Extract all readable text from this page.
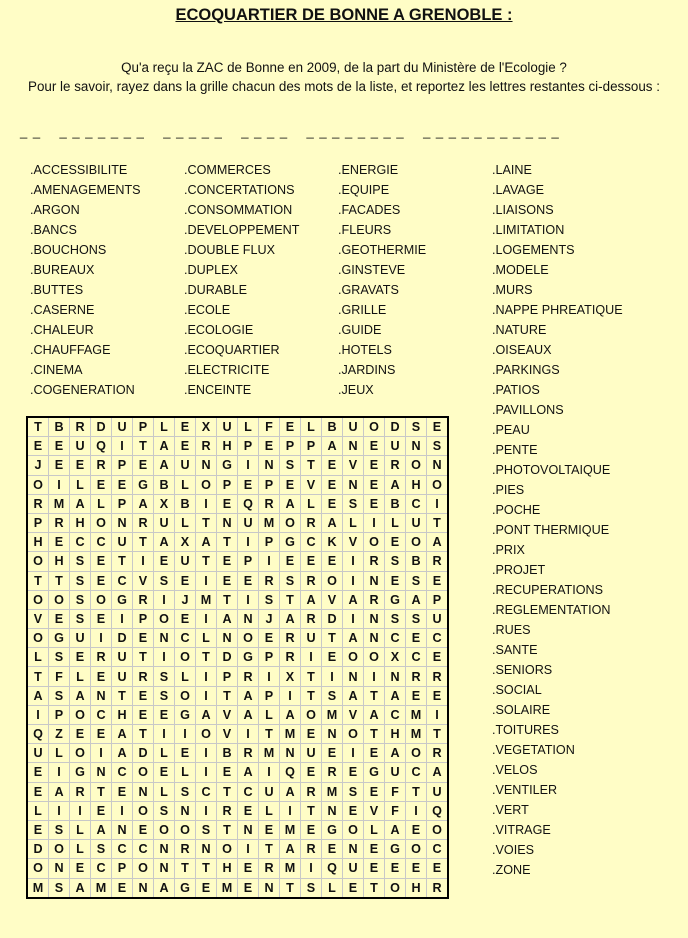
ECOQUARTIER DE BONNE A GRENOBLE :
Qu'a reçu la ZAC de Bonne en 2009, de la part du Ministère de l'Ecologie ?
Pour le savoir, rayez dans la grille chacun des mots de la liste, et reportez les lettres restantes ci-dessous :
_ _    _ _ _ _ _ _ _    _ _ _ _ _    _ _ _ _    _ _ _ _ _ _ _ _    _ _ _ _ _ _ _ _ _ _ _
.ACCESSIBILITE
.AMENAGEMENTS
.ARGON
.BANCS
.BOUCHONS
.BUREAUX
.BUTTES
.CASERNE
.CHALEUR
.CHAUFFAGE
.CINEMA
.COGENERATION
.COMMERCES
.CONCERTATIONS
.CONSOMMATION
.DEVELOPPEMENT
.DOUBLE FLUX
.DUPLEX
.DURABLE
.ECOLE
.ECOLOGIE
.ECOQUARTIER
.ELECTRICITE
.ENCEINTE
.ENERGIE
.EQUIPE
.FACADES
.FLEURS
.GEOTHERMIE
.GINSTEVE
.GRAVATS
.GRILLE
.GUIDE
.HOTELS
.JARDINS
.JEUX
.LAINE
.LAVAGE
.LIAISONS
.LIMITATION
.LOGEMENTS
.MODELE
.MURS
.NAPPE PHREATIQUE
.NATURE
.OISEAUX
.PARKINGS
.PATIOS
.PAVILLONS
.PEAU
.PENTE
.PHOTOVOLTAIQUE
.PIES
.POCHE
.PONT THERMIQUE
.PRIX
.PROJET
.RECUPERATIONS
.REGLEMENTATION
.RUES
.SANTE
.SENIORS
.SOCIAL
.SOLAIRE
.TOITURES
.VEGETATION
.VELOS
.VENTILER
.VERT
.VITRAGE
.VOIES
.ZONE
T	B	R	D	U	P	L	E	X	U	L	F	E	L	B	U	O	D	S	E
E	E	U	Q	I	T	A	E	R	H	P	E	P	P	A	N	E	U	N	S
J	E	E	R	P	E	A	U	N	G	I	N	S	T	E	V	E	R	O	N
O	I	L	E	E	G	B	L	O	P	E	P	E	V	E	N	E	A	H	O
R	M	A	L	P	A	X	B	I	E	Q	R	A	L	E	S	E	B	C	I
P	R	H	O	N	R	U	L	T	N	U	M	O	R	A	L	I	L	U	T
H	E	C	C	U	T	A	X	A	T	I	P	G	C	K	V	O	E	O	A
O	H	S	E	T	I	E	U	T	E	P	I	E	E	E	I	R	S	B	R
T	T	S	E	C	V	S	E	I	E	E	R	S	R	O	I	N	E	S	E
O	O	S	O	G	R	I	J	M	T	I	S	T	A	V	A	R	G	A	P
V	E	S	E	I	P	O	E	I	A	N	J	A	R	D	I	N	S	S	U
O	G	U	I	D	E	N	C	L	N	O	E	R	U	T	A	N	C	E	C
L	S	E	R	U	T	I	O	T	D	G	P	R	I	E	O	O	X	C	E
T	F	L	E	U	R	S	L	I	P	R	I	X	T	I	N	I	N	R	R
A	S	A	N	T	E	S	O	I	T	A	P	I	T	S	A	T	A	E	E
I	P	O	C	H	E	E	G	A	V	A	L	A	O	M	V	A	C	M	I
Q	Z	E	E	A	T	I	I	O	V	I	T	M	E	N	O	T	H	M	T
U	L	O	I	A	D	L	E	I	B	R	M	N	U	E	I	E	A	O	R
E	I	G	N	C	O	E	L	I	E	A	I	Q	E	R	E	G	U	C	A
E	A	R	T	E	N	L	S	C	T	C	U	A	R	M	S	E	F	T	U
L	I	I	E	I	O	S	N	I	R	E	L	I	T	N	E	V	F	I	Q
E	S	L	A	N	E	O	O	S	T	N	E	M	E	G	O	L	A	E	O
D	O	L	S	C	C	N	R	N	O	I	T	A	R	E	N	E	G	O	C
O	N	E	C	P	O	N	T	T	H	E	R	M	I	Q	U	E	E	E	E
M	S	A	M	E	N	A	G	E	M	E	N	T	S	L	E	T	O	H	R
